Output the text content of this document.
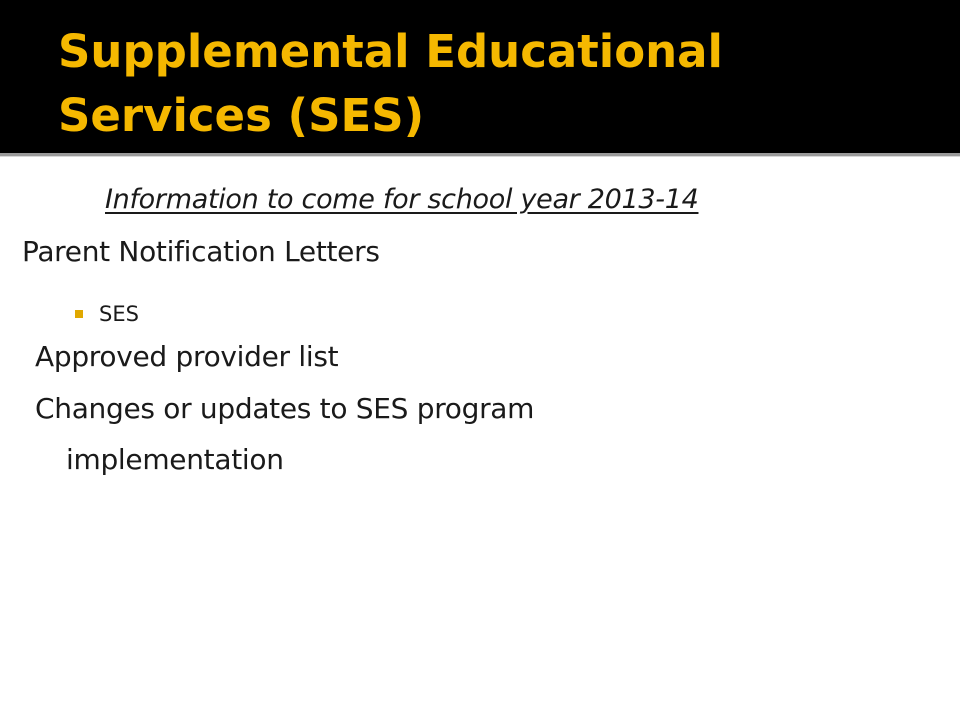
Supplemental Educational Services (SES)

Information to come for school year 2013-14

Parent Notification Letters

SES

Approved provider list

Changes or updates to SES program

implementation
